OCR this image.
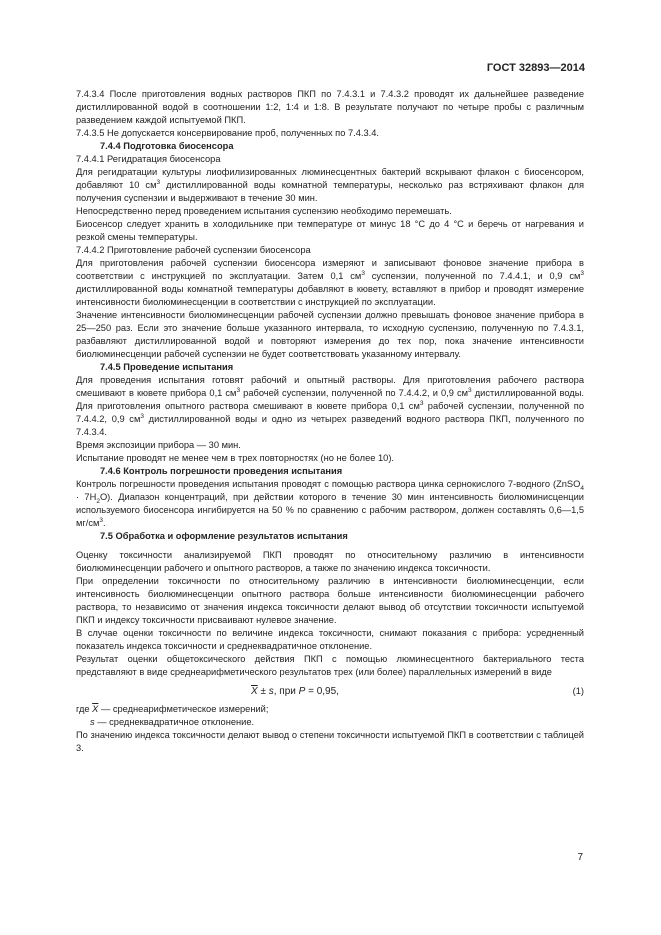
ГОСТ 32893—2014

7.4.3.4 После приготовления водных растворов ПКП по 7.4.3.1 и 7.4.3.2 проводят их дальнейшее разведение дистиллированной водой в соотношении 1:2, 1:4 и 1:8. В результате получают по четыре пробы с различным разведением каждой испытуемой ПКП.

7.4.3.5 Не допускается консервирование проб, полученных по 7.4.3.4.

7.4.4 Подготовка биосенсора

7.4.4.1 Регидратация биосенсора

Для регидратации культуры лиофилизированных люминесцентных бактерий вскрывают флакон с биосенсором, добавляют 10 $см^3$ дистиллированной воды комнатной температуры, несколько раз встряхивают флакон для получения суспензии и выдерживают в течение 30 мин.

Непосредственно перед проведением испытания суспензию необходимо перемешать.

Биосенсор следует хранить в холодильнике при температуре от минус 18 °С до 4 °С и беречь от нагревания и резкой смены температуры.

7.4.4.2 Приготовление рабочей суспензии биосенсора

Для приготовления рабочей суспензии биосенсора измеряют и записывают фоновое значение прибора в соответствии с инструкцией по эксплуатации. Затем 0,1 $см^3$ суспензии, полученной по 7.4.4.1, и 0,9 $см^3$ дистиллированной воды комнатной температуры добавляют в кювету, вставляют в прибор и проводят измерение интенсивности биолюминесценции в соответствии с инструкцией по эксплуатации.

Значение интенсивности биолюминесценции рабочей суспензии должно превышать фоновое значение прибора в 25—250 раз. Если это значение больше указанного интервала, то исходную суспензию, полученную по 7.4.3.1, разбавляют дистиллированной водой и повторяют измерения до тех пор, пока значение интенсивности биолюминесценции рабочей суспензии не будет соответствовать указанному интервалу.

7.4.5 Проведение испытания

Для проведения испытания готовят рабочий и опытный растворы. Для приготовления рабочего раствора смешивают в кювете прибора 0,1 $см^3$ рабочей суспензии, полученной по 7.4.4.2, и 0,9 $см^3$ дистиллированной воды. Для приготовления опытного раствора смешивают в кювете прибора 0,1 $см^3$ рабочей суспензии, полученной по 7.4.4.2, 0,9 $см^3$ дистиллированной воды и одно из четырех разведений водного раствора ПКП, полученного по 7.4.3.4.

Время экспозиции прибора — 30 мин.

Испытание проводят не менее чем в трех повторностях (но не более 10).

7.4.6 Контроль погрешности проведения испытания

Контроль погрешности проведения испытания проводят с помощью раствора цинка сернокислого 7-водного (ZnSO$_4$ · $7H_2O$). Диапазон концентраций, при действии которого в течение 30 мин интенсивность биолюминисценции используемого биосенсора ингибируется на 50 % по сравнению с рабочим раствором, должен составлять 0,6—1,5 $мг/см^3$.

7.5 Обработка и оформление результатов испытания

Оценку токсичности анализируемой ПКП проводят по относительному различию в интенсивности биолюминесценции рабочего и опытного растворов, а также по значению индекса токсичности.

При определении токсичности по относительному различию в интенсивности биолюминесценции, если интенсивность биолюминесценции опытного раствора больше интенсивности биолюминесценции рабочего раствора, то независимо от значения индекса токсичности делают вывод об отсутствии токсичности испытуемой ПКП и индексу токсичности присваивают нулевое значение.

В случае оценки токсичности по величине индекса токсичности, снимают показания с прибора: усредненный показатель индекса токсичности и среднеквадратичное отклонение.

Результат оценки общетоксического действия ПКП с помощью люминесцентного бактериального теста представляют в виде среднеарифметического результатов трех (или более) параллельных измерений в виде

$\overline{X} \pm s$, при P = 0,95,	(1)

где $\overline{X}$ — среднеарифметическое измерений;

s — среднеквадратичное отклонение.

По значению индекса токсичности делают вывод о степени токсичности испытуемой ПКП в соответствии с таблицей 3.

7
